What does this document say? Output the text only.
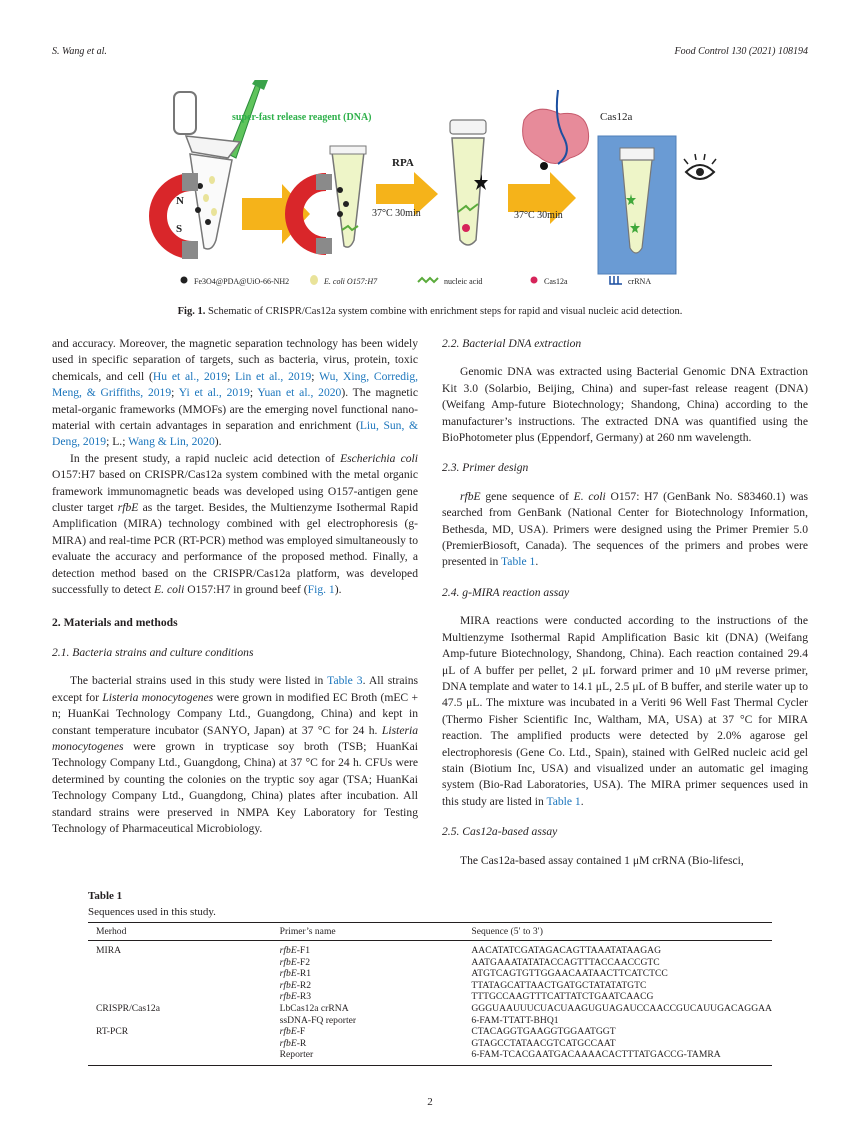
S. Wang et al.	Food Control 130 (2021) 108194
super-fast release reagent (DNA)
N
S
RPA
37°C 30min	37°C 30min
Cas12a
Fe3O4@PDA@UiO-66-NH2	E. coli O157:H7	nucleic acid	Cas12a	crRNA
Fig. 1. Schematic of CRISPR/Cas12a system combine with enrichment steps for rapid and visual nucleic acid detection.

and accuracy. Moreover, the magnetic separation technology has been widely used in specific separation of targets, such as bacteria, virus, protein, toxic chemicals, and cell (Hu et al., 2019; Lin et al., 2019; Wu, Xing, Corredig, Meng, & Griffiths, 2019; Yi et al., 2019; Yuan et al., 2020). The magnetic metal-organic frameworks (MMOFs) are the emerging novel functional nano-material with certain advantages in separation and enrichment (Liu, Sun, & Deng, 2019; L.; Wang & Lin, 2020).

In the present study, a rapid nucleic acid detection of Escherichia coli O157:H7 based on CRISPR/Cas12a system combined with the metal organic framework immunomagnetic beads was developed using O157-antigen gene cluster target rfbE as the target. Besides, the Multienzyme Isothermal Rapid Amplification (MIRA) technology combined with gel electrophoresis (g-MIRA) and real-time PCR (RT-PCR) method was employed simultaneously to evaluate the accuracy and performance of the proposed method. Finally, a detection method based on the CRISPR/Cas12a platform, was developed successfully to detect E. coli O157:H7 in ground beef (Fig. 1).

2. Materials and methods
2.1. Bacteria strains and culture conditions

The bacterial strains used in this study were listed in Table 3. All strains except for Listeria monocytogenes were grown in modified EC Broth (mEC + n; HuanKai Technology Company Ltd., Guangdong, China) and kept in constant temperature incubator (SANYO, Japan) at 37 °C for 24 h. Listeria monocytogenes were grown in trypticase soy broth (TSB; HuanKai Technology Company Ltd., Guangdong, China) at 37 °C for 24 h. CFUs were determined by counting the colonies on the tryptic soy agar (TSA; HuanKai Technology Company Ltd., Guangdong, China) plates after incubation. All standard strains were preserved in NMPA Key Laboratory for Testing Technology of Pharmaceutical Microbiology.

2.2. Bacterial DNA extraction

Genomic DNA was extracted using Bacterial Genomic DNA Extraction Kit 3.0 (Solarbio, Beijing, China) and super-fast release reagent (DNA) (Weifang Amp-future Biotechnology; Shandong, China) according to the manufacturer’s instructions. The extracted DNA was quantified using the BioPhotometer plus (Eppendorf, Germany) at 260 nm wavelength.

2.3. Primer design

rfbE gene sequence of E. coli O157: H7 (GenBank No. S83460.1) was searched from GenBank (National Center for Biotechnology Information, Bethesda, MD, USA). Primers were designed using the Primer Premier 5.0 (PremierBiosoft, Canada). The sequences of the primers and probes were presented in Table 1.

2.4. g-MIRA reaction assay

MIRA reactions were conducted according to the instructions of the Multienzyme Isothermal Rapid Amplification Basic kit (DNA) (Weifang Amp-future Biotechnology, Shandong, China). Each reaction contained 29.4 μL of A buffer per pellet, 2 μL forward primer and 10 μM reverse primer, DNA template and water to 14.1 μL, 2.5 μL of B buffer, and sterile water up to 47.5 μL. The mixture was incubated in a Veriti 96 Well Fast Thermal Cycler (Thermo Fisher Scientific Inc, Waltham, MA, USA) at 37 °C for MIRA reaction. The amplified products were detected by 2.0% agarose gel electrophoresis (Gene Co. Ltd., Spain), stained with GelRed nucleic acid gel stain (Biotium Inc, USA) and visualized under an automatic gel imaging system (Bio-Rad Laboratories, USA). The MIRA primer sequences used in this study are listed in Table 1.

2.5. Cas12a-based assay

The Cas12a-based assay contained 1 μM crRNA (Bio-lifesci,

Table 1
Sequences used in this study.
Merhod	Primer’s name	Sequence (5′ to 3′)
MIRA	rfbE-F1	AACATATCGATAGACAGTTAAATATAAGAG
	rfbE-F2	AATGAAATATATACCAGTTTACCAACCGTC
	rfbE-R1	ATGTCAGTGTTGGAACAATAACTTCATCTCC
	rfbE-R2	TTATAGCATTAACTGATGCTATATATGTC
	rfbE-R3	TTTGCCAAGTTTCATTATCTGAATCAACG
CRISPR/Cas12a	LbCas12a crRNA	GGGUAAUUUCUACUAAGUGUAGAUCCAACCGUCAUUGACAGGAA
	ssDNA-FQ reporter	6-FAM-TTATT-BHQ1
RT-PCR	rfbE-F	CTACAGGTGAAGGTGGAATGGT
	rfbE-R	GTAGCCTATAACGTCATGCCAAT
	Reporter	6-FAM-TCACGAATGACAAAACACTTTATGACCG-TAMRA
2
